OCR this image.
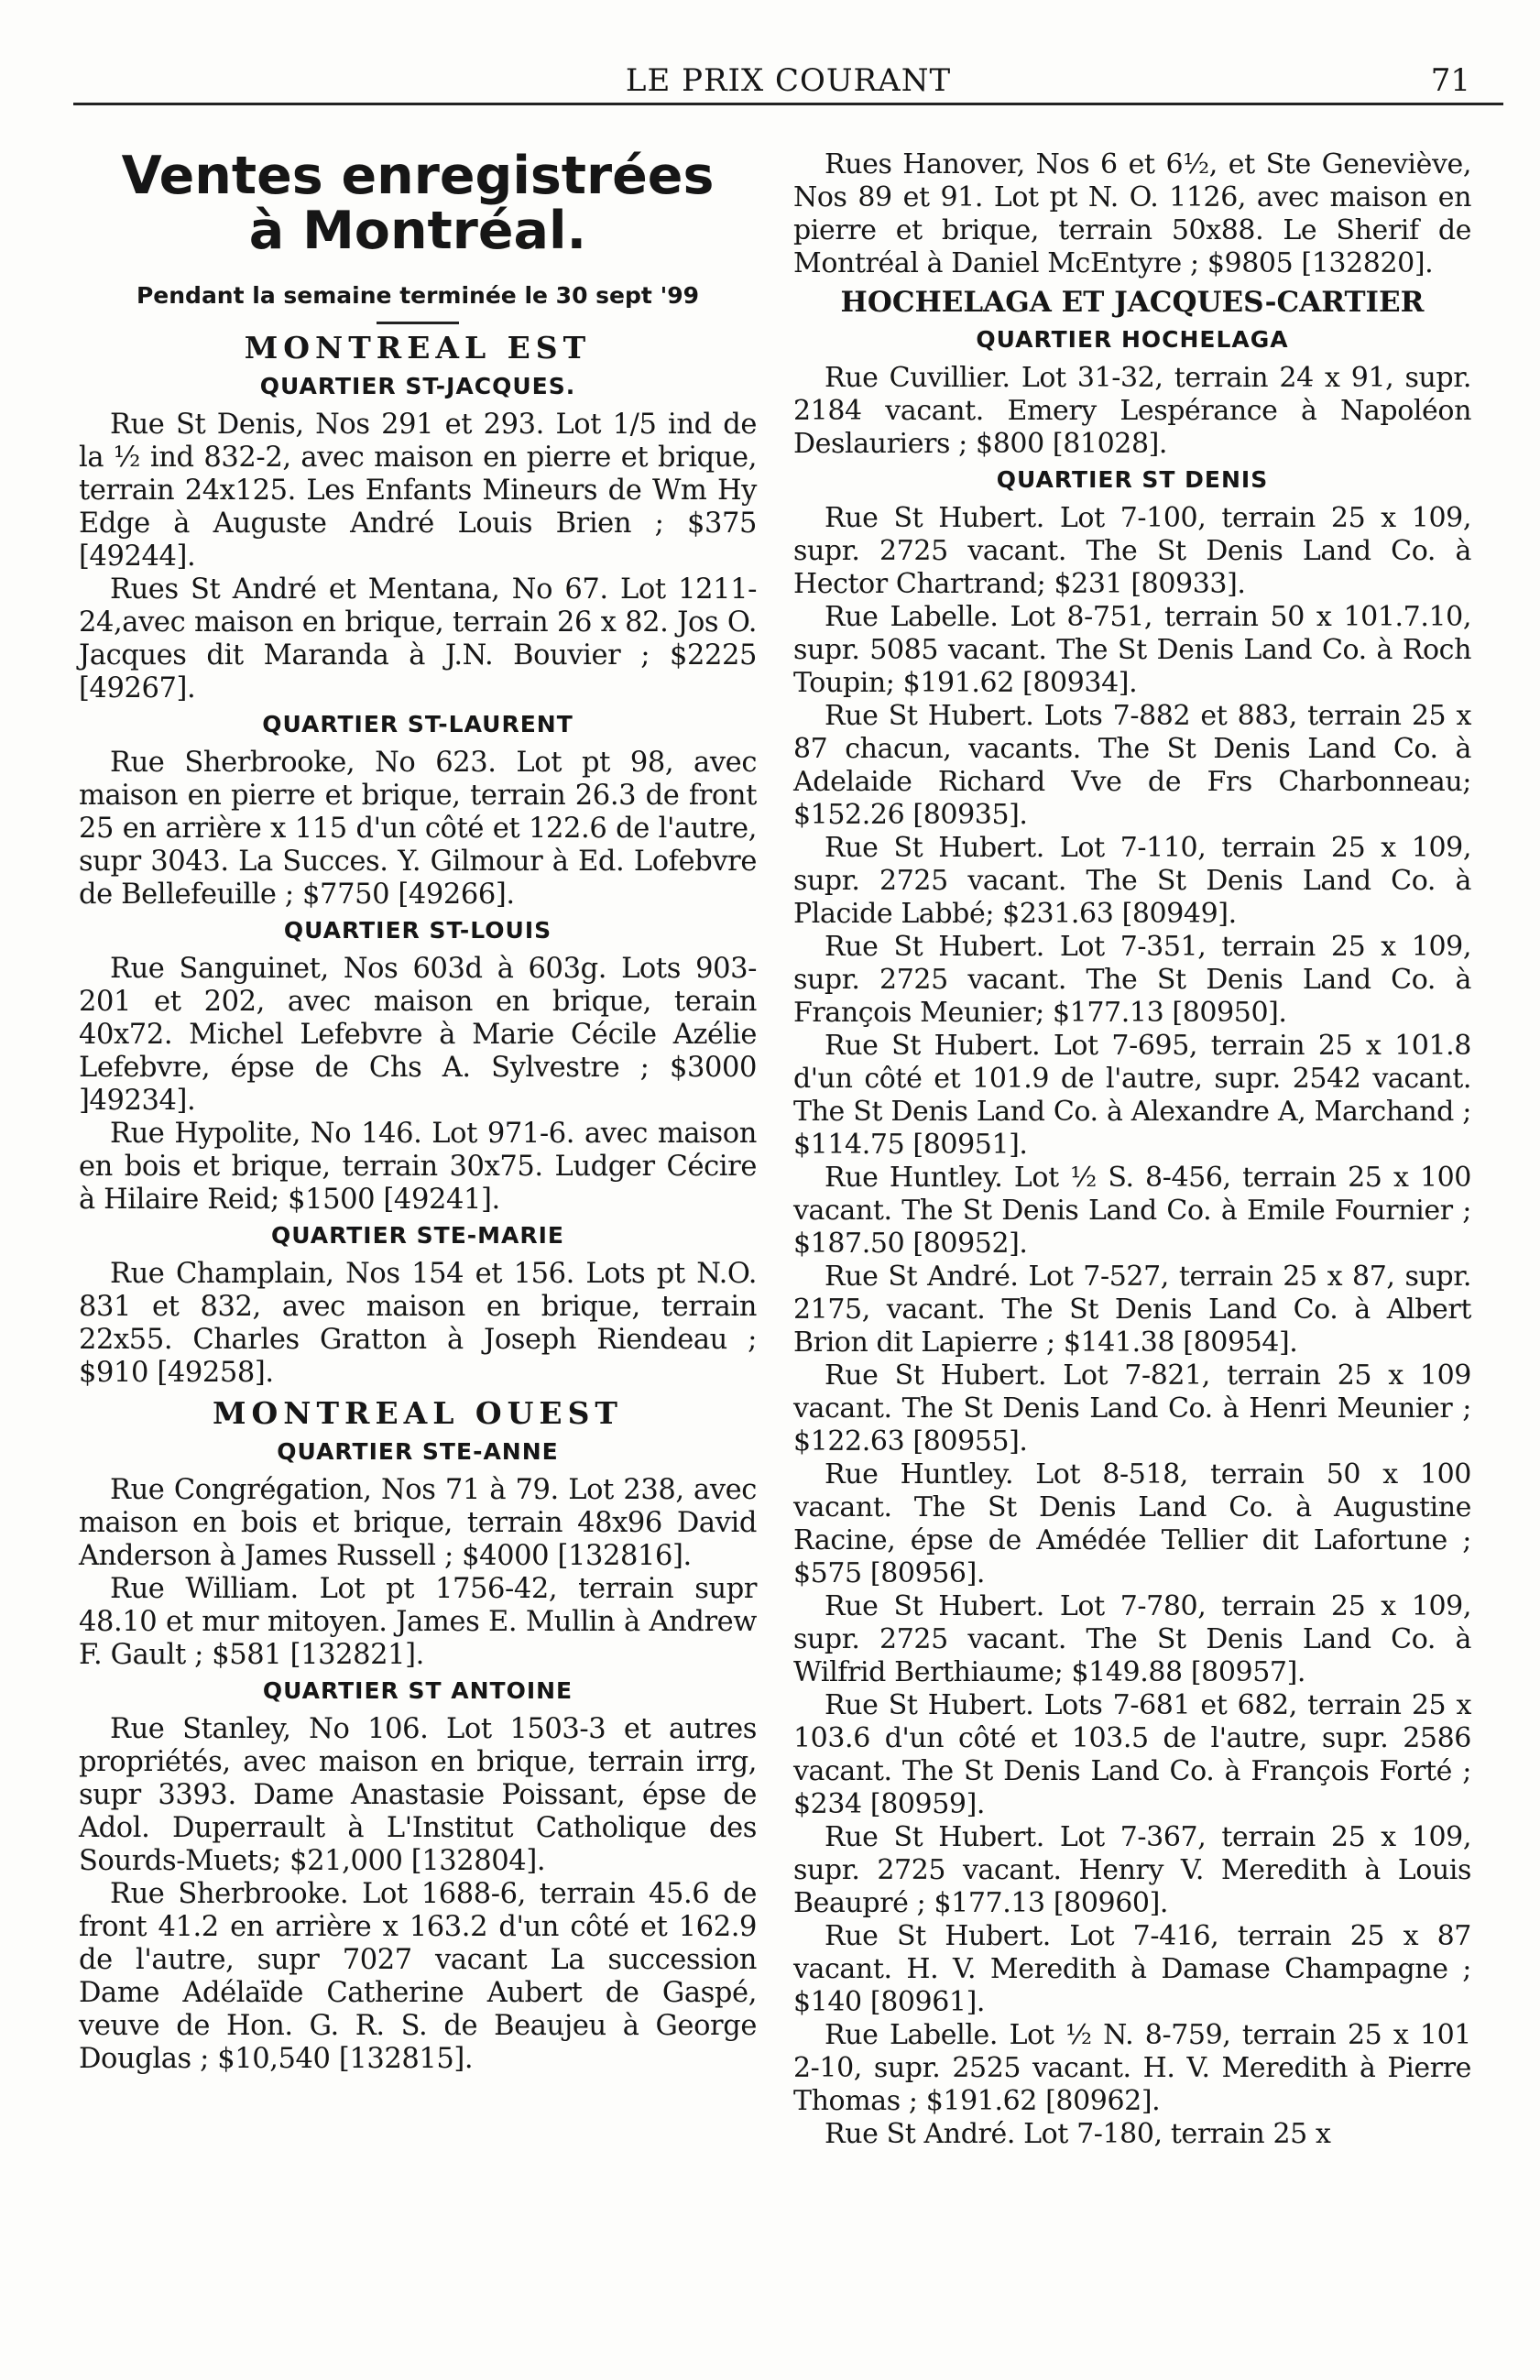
LE PRIX COURANT	71
Ventes enregistrées
à Montréal.

Pendant la semaine terminée le 30 sept '99

MONTREAL EST
QUARTIER ST-JACQUES.

Rue St Denis, Nos 291 et 293. Lot 1/5 ind de la ½ ind 832-2, avec maison en pierre et brique, terrain 24x125. Les Enfants Mineurs de Wm Hy Edge à Auguste André Louis Brien ; $375 [49244].

Rues St André et Mentana, No 67. Lot 1211-24,avec maison en brique, terrain 26 x 82. Jos O. Jacques dit Maranda à J.N. Bouvier ; $2225 [49267].

QUARTIER ST-LAURENT

Rue Sherbrooke, No 623. Lot pt 98, avec maison en pierre et brique, terrain 26.3 de front 25 en arrière x 115 d'un côté et 122.6 de l'autre, supr 3043. La Succes. Y. Gilmour à Ed. Lofebvre de Bellefeuille ; $7750 [49266].

QUARTIER ST-LOUIS

Rue Sanguinet, Nos 603d à 603g. Lots 903-201 et 202, avec maison en brique, terain 40x72. Michel Lefebvre à Marie Cécile Azélie Lefebvre, épse de Chs A. Sylvestre ; $3000 ]49234].

Rue Hypolite, No 146. Lot 971-6. avec maison en bois et brique, terrain 30x75. Ludger Cécire à Hilaire Reid; $1500 [49241].

QUARTIER STE-MARIE

Rue Champlain, Nos 154 et 156. Lots pt N.O. 831 et 832, avec maison en brique, terrain 22x55. Charles Gratton à Joseph Riendeau ; $910 [49258].

MONTREAL OUEST
QUARTIER STE-ANNE

Rue Congrégation, Nos 71 à 79. Lot 238, avec maison en bois et brique, terrain 48x96 David Anderson à James Russell ; $4000 [132816].

Rue William. Lot pt 1756-42, terrain supr 48.10 et mur mitoyen. James E. Mullin à Andrew F. Gault ; $581 [132821].

QUARTIER ST ANTOINE

Rue Stanley, No 106. Lot 1503-3 et autres propriétés, avec maison en brique, terrain irrg, supr 3393. Dame Anastasie Poissant, épse de Adol. Duperrault à L'Institut Catholique des Sourds-Muets; $21,000 [132804].

Rue Sherbrooke. Lot 1688-6, terrain 45.6 de front 41.2 en arrière x 163.2 d'un côté et 162.9 de l'autre, supr 7027 vacant La succession Dame Adélaïde Catherine Aubert de Gaspé, veuve de Hon. G. R. S. de Beaujeu à George Douglas ; $10,540 [132815].

Rues Hanover, Nos 6 et 6½, et Ste Geneviève, Nos 89 et 91. Lot pt N. O. 1126, avec maison en pierre et brique, terrain 50x88. Le Sherif de Montréal à Daniel McEntyre ; $9805 [132820].

HOCHELAGA ET JACQUES-CARTIER
QUARTIER HOCHELAGA

Rue Cuvillier. Lot 31-32, terrain 24 x 91, supr. 2184 vacant. Emery Lespérance à Napoléon Deslauriers ; $800 [81028].

QUARTIER ST DENIS

Rue St Hubert. Lot 7-100, terrain 25 x 109, supr. 2725 vacant. The St Denis Land Co. à Hector Chartrand; $231 [80933].

Rue Labelle. Lot 8-751, terrain 50 x 101.7.10, supr. 5085 vacant. The St Denis Land Co. à Roch Toupin; $191.62 [80934].

Rue St Hubert. Lots 7-882 et 883, terrain 25 x 87 chacun, vacants. The St Denis Land Co. à Adelaide Richard Vve de Frs Charbonneau; $152.26 [80935].

Rue St Hubert. Lot 7-110, terrain 25 x 109, supr. 2725 vacant. The St Denis Land Co. à Placide Labbé; $231.63 [80949].

Rue St Hubert. Lot 7-351, terrain 25 x 109, supr. 2725 vacant. The St Denis Land Co. à François Meunier; $177.13 [80950].

Rue St Hubert. Lot 7-695, terrain 25 x 101.8 d'un côté et 101.9 de l'autre, supr. 2542 vacant. The St Denis Land Co. à Alexandre A, Marchand ; $114.75 [80951].

Rue Huntley. Lot ½ S. 8-456, terrain 25 x 100 vacant. The St Denis Land Co. à Emile Fournier ; $187.50 [80952].

Rue St André. Lot 7-527, terrain 25 x 87, supr. 2175, vacant. The St Denis Land Co. à Albert Brion dit Lapierre ; $141.38 [80954].

Rue St Hubert. Lot 7-821, terrain 25 x 109 vacant. The St Denis Land Co. à Henri Meunier ; $122.63 [80955].

Rue Huntley. Lot 8-518, terrain 50 x 100 vacant. The St Denis Land Co. à Augustine Racine, épse de Amédée Tellier dit Lafortune ; $575 [80956].

Rue St Hubert. Lot 7-780, terrain 25 x 109, supr. 2725 vacant. The St Denis Land Co. à Wilfrid Berthiaume; $149.88 [80957].

Rue St Hubert. Lots 7-681 et 682, terrain 25 x 103.6 d'un côté et 103.5 de l'autre, supr. 2586 vacant. The St Denis Land Co. à François Forté ; $234 [80959].

Rue St Hubert. Lot 7-367, terrain 25 x 109, supr. 2725 vacant. Henry V. Meredith à Louis Beaupré ; $177.13 [80960].

Rue St Hubert. Lot 7-416, terrain 25 x 87 vacant. H. V. Meredith à Damase Champagne ; $140 [80961].

Rue Labelle. Lot ½ N. 8-759, terrain 25 x 101 2-10, supr. 2525 vacant. H. V. Meredith à Pierre Thomas ; $191.62 [80962].

Rue St André. Lot 7-180, terrain 25 x
